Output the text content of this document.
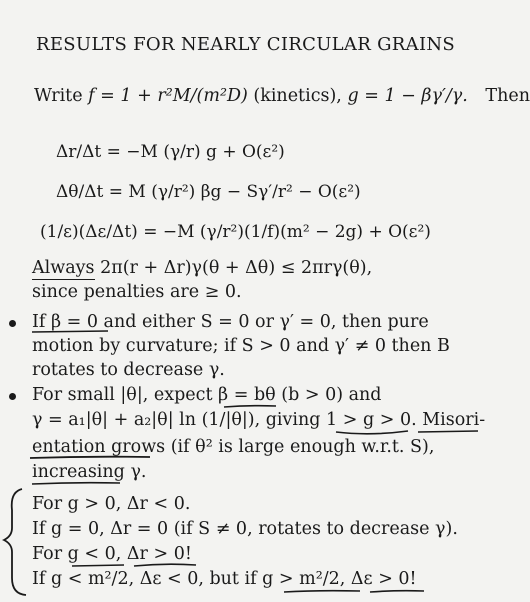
RESULTS FOR NEARLY CIRCULAR GRAINS
Write f = 1 + r²M/(m²D) (kinetics), g = 1 − βγ′/γ. Then
Δr/Δt = −M (γ/r) g + O(ε²)
Δθ/Δt = M (γ/r²) βg − Sγ′/r² − O(ε²)
(1/ε)(Δε/Δt) = −M (γ/r²)(1/f)(m² − 2g) + O(ε²)
Always 2π(r + Δr)γ(θ + Δθ) ≤ 2πrγ(θ),
since penalties are ≥ 0.
If β = 0 and either S = 0 or γ′ = 0, then pure
motion by curvature; if S > 0 and γ′ ≠ 0 then B
rotates to decrease γ.
For small |θ|, expect β = bθ (b > 0) and
γ = a₁|θ| + a₂|θ| ln (1/|θ|), giving 1 > g > 0. Misori-
entation grows (if θ² is large enough w.r.t. S),
increasing γ.
For g > 0, Δr < 0.
If g = 0, Δr = 0 (if S ≠ 0, rotates to decrease γ).
For g < 0, Δr > 0!
If g < m²/2, Δε < 0, but if g > m²/2, Δε > 0!
